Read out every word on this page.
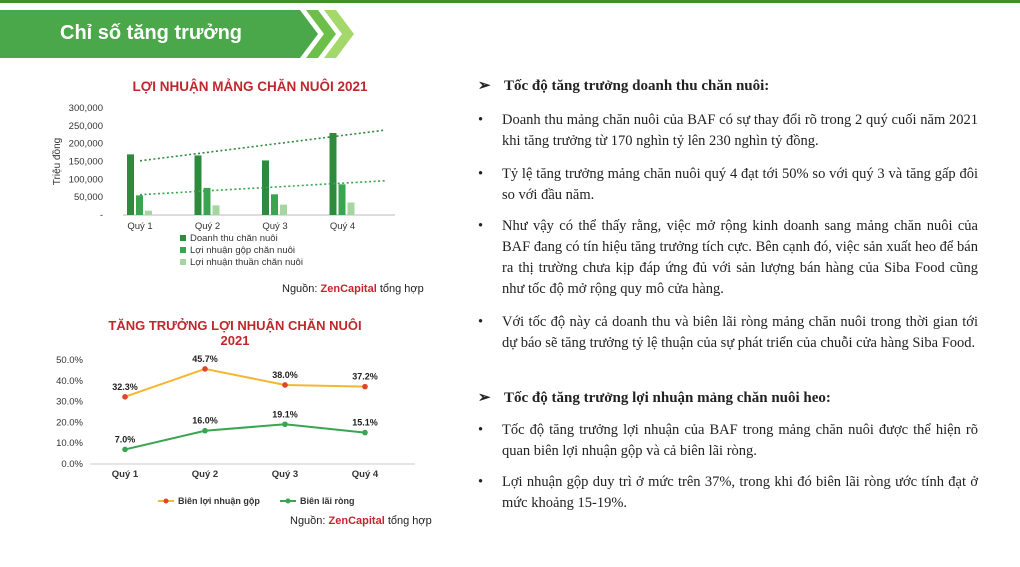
Chỉ số tăng trưởng
LỢI NHUẬN MẢNG CHĂN NUÔI 2021
-
50,000
100,000
150,000
200,000
250,000
300,000
Triệu đồng
Quý 1	Quý 2	Quý 3	Quý 4
Doanh thu chăn nuôi
Lợi nhuận gộp chăn nuôi
Lợi nhuận thuần chăn nuôi
Nguồn: ZenCapital tổng hợp
TĂNG TRƯỞNG LỢI NHUẬN CHĂN NUÔI
2021
0.0%
10.0%
20.0%
30.0%
40.0%
50.0%
Quý 1	Quý 2	Quý 3	Quý 4
32.3%
45.7%
38.0%	37.2%
7.0%
16.0%
19.1%
15.1%
Biên lợi nhuận gộp	Biên lãi ròng
Nguồn: ZenCapital tổng hợp
➢ Tốc độ tăng trưởng doanh thu chăn nuôi:
• Doanh thu mảng chăn nuôi của BAF có sự thay đổi rõ trong 2 quý cuối năm 2021 khi tăng trưởng từ 170 nghìn tỷ lên 230 nghìn tỷ đồng.
• Tỷ lệ tăng trưởng mảng chăn nuôi quý 4 đạt tới 50% so với quý 3 và tăng gấp đôi so với đầu năm.
• Như vậy có thể thấy rằng, việc mở rộng kinh doanh sang mảng chăn nuôi của BAF đang có tín hiệu tăng trưởng tích cực. Bên cạnh đó, việc sản xuất heo để bán ra thị trường chưa kịp đáp ứng đủ với sản lượng bán hàng của Siba Food cũng như tốc độ mở rộng quy mô cửa hàng.
• Với tốc độ này cả doanh thu và biên lãi ròng mảng chăn nuôi trong thời gian tới dự báo sẽ tăng trưởng tỷ lệ thuận của sự phát triển của chuỗi cửa hàng Siba Food.
➢ Tốc độ tăng trưởng lợi nhuận mảng chăn nuôi heo:
• Tốc độ tăng trưởng lợi nhuận của BAF trong mảng chăn nuôi được thể hiện rõ quan biên lợi nhuận gộp và cả biên lãi ròng.
• Lợi nhuận gộp duy trì ở mức trên 37%, trong khi đó biên lãi ròng ước tính đạt ở mức khoảng 15-19%.
